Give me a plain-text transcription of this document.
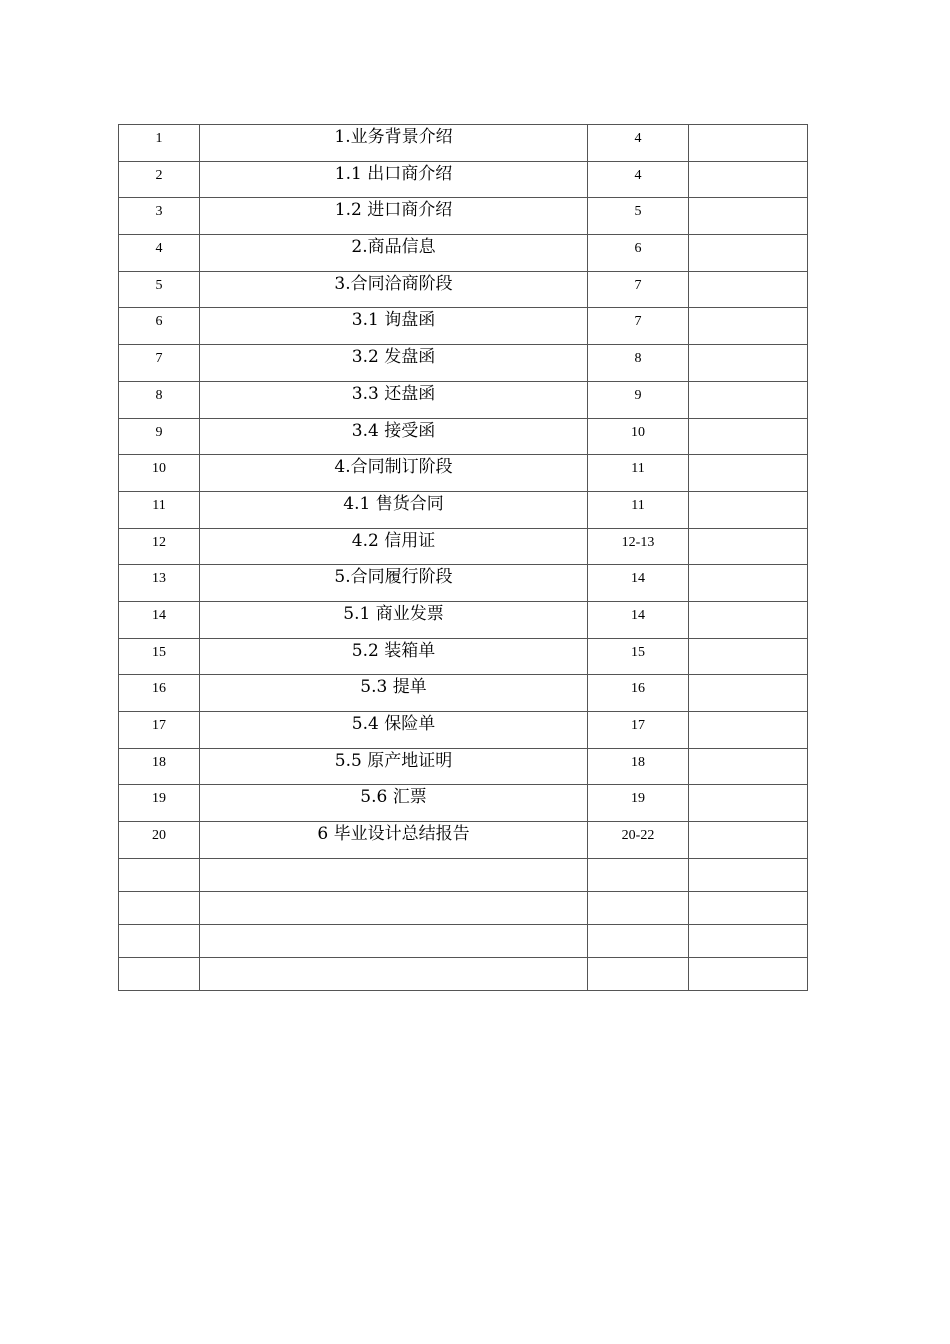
1	1.业务背景介绍	4	
2	1.1 出口商介绍	4	
3	1.2 进口商介绍	5	
4	2.商品信息	6	
5	3.合同洽商阶段	7	
6	3.1 询盘函	7	
7	3.2 发盘函	8	
8	3.3 还盘函	9	
9	3.4 接受函	10	
10	4.合同制订阶段	11	
11	4.1 售货合同	11	
12	4.2 信用证	12-13	
13	5.合同履行阶段	14	
14	5.1 商业发票	14	
15	5.2 装箱单	15	
16	5.3 提单	16	
17	5.4 保险单	17	
18	5.5 原产地证明	18	
19	5.6 汇票	19	
20	6 毕业设计总结报告	20-22	
